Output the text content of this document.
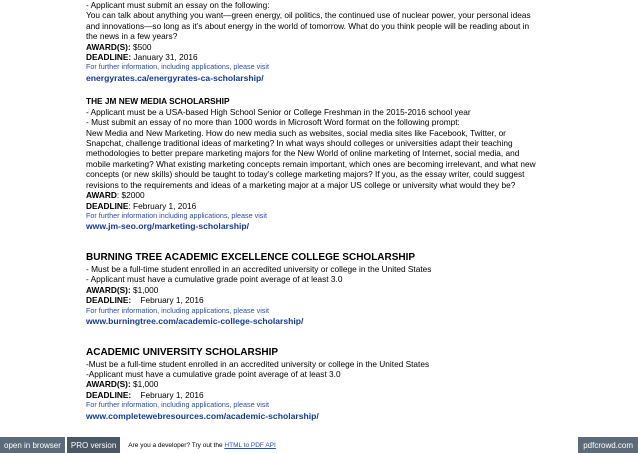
- Applicant must submit an essay on the following:

You can talk about anything you want—green energy, oil politics, the continued use of nuclear power, your personal ideas

and innovations—so long as it’s about energy in the world of tomorrow. What do you think people will be reading about in

the news in a few years?

AWARD(S): $500

DEADLINE: January 31, 2016

For further information, including applications, please visit

energyrates.ca/energyrates-ca-scholarship/

THE JM NEW MEDIA SCHOLARSHIP

- Applicant must be a USA-based High School Senior or College Freshman in the 2015-2016 school year

- Must submit an essay of no more than 1000 words in Microsoft Word format on the following prompt:

New Media and New Marketing. How do new media such as websites, social media sites like Facebook, Twitter, or

Snapchat, challenge traditional ideas of marketing? In what ways should colleges or universities adapt their teaching

methodologies to better prepare marketing majors for the New World of online marketing of Internet, social media, and

mobile marketing? What existing marketing concepts remain important, which ones are becoming irrelevant, and what new

concepts (or new skills) should be taught to today’s college marketing majors? If you, as the essay writer, could suggest

revisions to the requirements and ideas of a marketing major at a major US college or university what would they be?

AWARD: $2000

DEADLINE: February 1, 2016

For further information including applications, please visit

www.jm-seo.org/marketing-scholarship/

BURNING TREE ACADEMIC EXCELLENCE COLLEGE SCHOLARSHIP

- Must be a full-time student enrolled in an accredited university or college in the United States

- Applicant must have a cumulative grade point average of at least 3.0

AWARD(S): $1,000

DEADLINE:    February 1, 2016

For further information, including applications, please visit

www.burningtree.com/academic-college-scholarship/

ACADEMIC UNIVERSITY SCHOLARSHIP

-Must be a full-time student enrolled in an accredited university or college in the United States

-Applicant must have a cumulative grade point average of at least 3.0

AWARD(S): $1,000

DEADLINE:    February 1, 2016

For further information, including applications, please visit

www.completewebresources.com/academic-scholarship/

open in browser	PRO version	Are you a developer? Try out the HTML to PDF API	pdfcrowd.com
